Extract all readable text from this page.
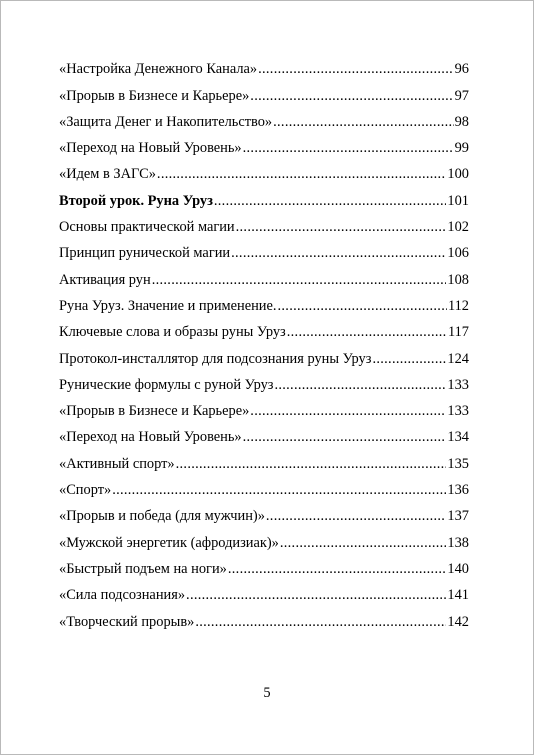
«Настройка Денежного Канала» .....	96
«Прорыв в Бизнесе и Карьере» .....	97
«Защита Денег и Накопительство» .....	98
«Переход на Новый Уровень» .....	99
«Идем в ЗАГС» .....	100
Второй урок. Руна Уруз .....	101
Основы практической магии .....	102
Принцип рунической магии .....	106
Активация рун .....	108
Руна Уруз. Значение и применение. .....	112
Ключевые слова и образы руны Уруз .....	117
Протокол-инсталлятор для подсознания руны Уруз .....	124
Рунические формулы с руной Уруз .....	133
«Прорыв в Бизнесе и Карьере» .....	133
«Переход на Новый Уровень» .....	134
«Активный спорт» .....	135
«Спорт» .....	136
«Прорыв и победа (для мужчин)» .....	137
«Мужской энергетик (афродизиак)» .....	138
«Быстрый подъем на ноги» .....	140
«Сила подсознания» .....	141
«Творческий прорыв» .....	142
5
